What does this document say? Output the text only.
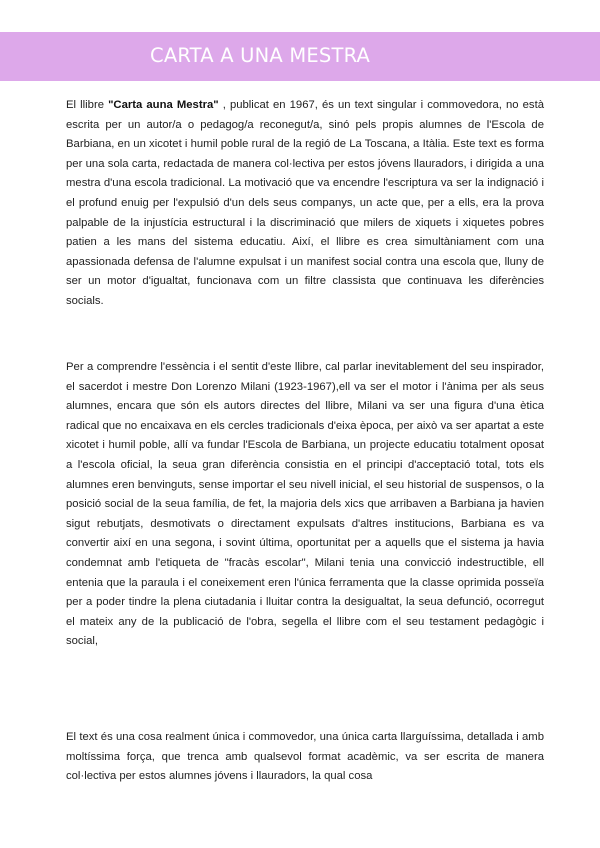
CARTA A UNA MESTRA

El llibre "Carta auna Mestra" , publicat en 1967, és un text singular i commovedora, no està escrita per un autor/a o pedagog/a reconegut/a, sinó pels propis alumnes de l'Escola de Barbiana, en un xicotet i humil poble rural de la regió de La Toscana, a Itàlia. Este text es forma per una sola carta, redactada de manera col·lectiva per estos jóvens llauradors, i dirigida a una mestra d'una escola tradicional. La motivació que va encendre l'escriptura va ser la indignació i el profund enuig per l'expulsió d'un dels seus companys, un acte que, per a ells, era la prova palpable de la injustícia estructural i la discriminació que milers de xiquets i xiquetes pobres patien a les mans del sistema educatiu. Així, el llibre es crea simultàniament com una apassionada defensa de l'alumne expulsat i un manifest social contra una escola que, lluny de ser un motor d'igualtat, funcionava com un filtre classista que continuava les diferències socials.

Per a comprendre l'essència i el sentit d'este llibre, cal parlar inevitablement del seu inspirador, el sacerdot i mestre Don Lorenzo Milani (1923-1967),ell va ser el motor i l'ànima per als seus alumnes, encara que són els autors directes del llibre, Milani va ser una figura d'una ètica radical que no encaixava en els cercles tradicionals d'eixa època, per això va ser apartat a este xicotet i humil poble, allí va fundar l'Escola de Barbiana, un projecte educatiu totalment oposat a l'escola oficial, la seua gran diferència consistia en el principi d'acceptació total, tots els alumnes eren benvinguts, sense importar el seu nivell inicial, el seu historial de suspensos, o la posició social de la seua família, de fet, la majoria dels xics que arribaven a Barbiana ja havien sigut rebutjats, desmotivats o directament expulsats d'altres institucions, Barbiana es va convertir així en una segona, i sovint última, oportunitat per a aquells que el sistema ja havia condemnat amb l'etiqueta de "fracàs escolar", Milani tenia una convicció indestructible, ell entenia que la paraula i el coneixement eren l'única ferramenta que la classe oprimida posseïa per a poder tindre la plena ciutadania i lluitar contra la desigualtat, la seua defunció, ocorregut el mateix any de la publicació de l'obra, segella el llibre com el seu testament pedagògic i social,

El text és una cosa realment única i commovedor, una única carta llarguíssima, detallada i amb moltíssima força, que trenca amb qualsevol format acadèmic, va ser escrita de manera col·lectiva per estos alumnes jóvens i llauradors, la qual cosa
